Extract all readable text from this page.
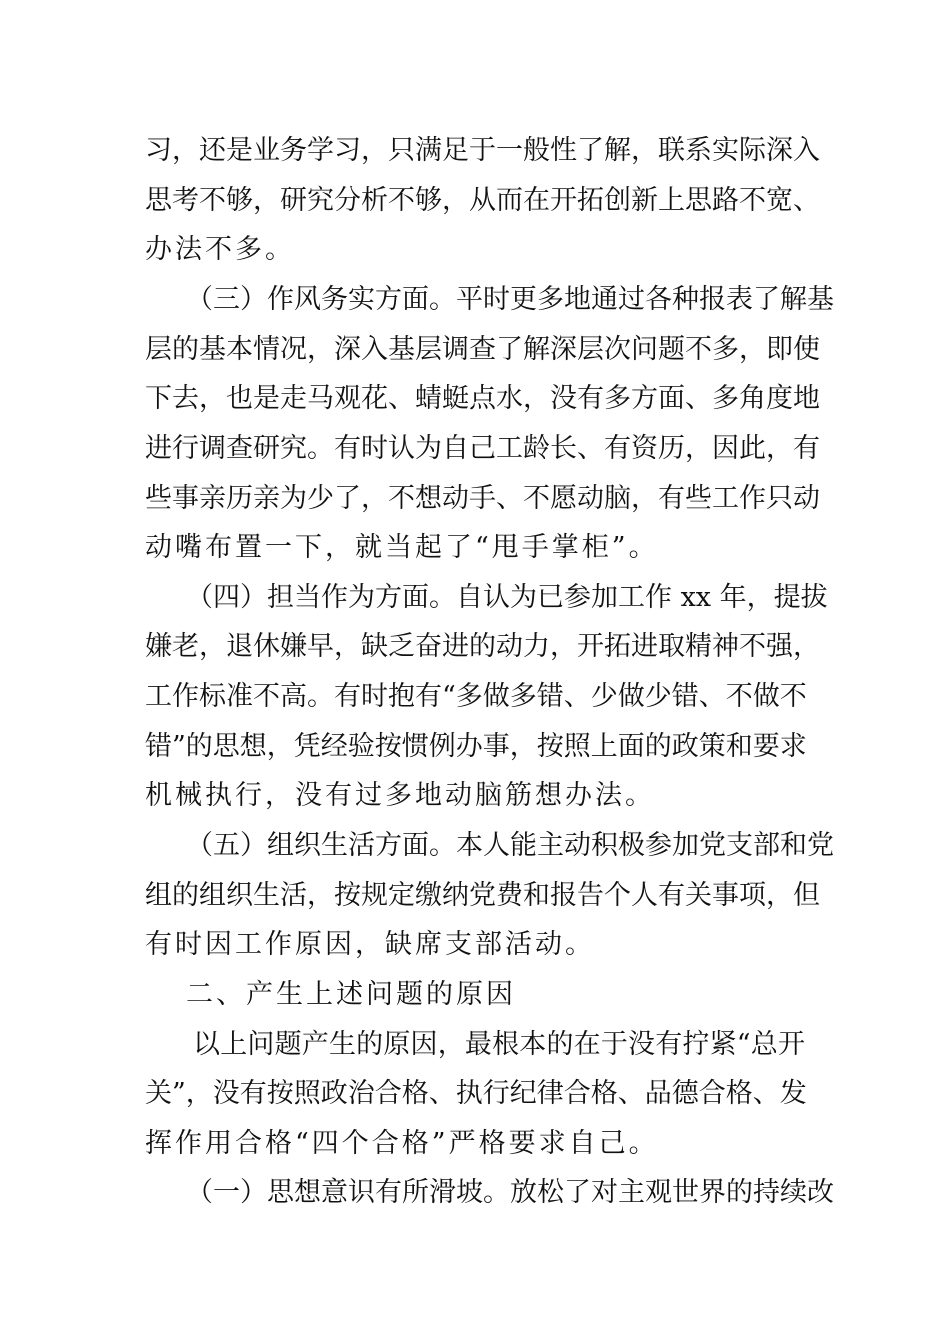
习，还是业务学习，只满足于一般性了解，联系实际深入
思考不够，研究分析不够，从而在开拓创新上思路不宽、
办法不多。
（三）作风务实方面。平时更多地通过各种报表了解基
层的基本情况，深入基层调查了解深层次问题不多，即使
下去，也是走马观花、蜻蜓点水，没有多方面、多角度地
进行调查研究。有时认为自己工龄长、有资历，因此，有
些事亲历亲为少了，不想动手、不愿动脑，有些工作只动
动嘴布置一下，就当起了“甩手掌柜”。
（四）担当作为方面。自认为已参加工作 xx 年，提拔
嫌老，退休嫌早，缺乏奋进的动力，开拓进取精神不强，
工作标准不高。有时抱有“多做多错、少做少错、不做不
错”的思想，凭经验按惯例办事，按照上面的政策和要求
机械执行，没有过多地动脑筋想办法。
（五）组织生活方面。本人能主动积极参加党支部和党
组的组织生活，按规定缴纳党费和报告个人有关事项，但
有时因工作原因，缺席支部活动。
二、产生上述问题的原因
以上问题产生的原因，最根本的在于没有拧紧“总开
关”，没有按照政治合格、执行纪律合格、品德合格、发
挥作用合格“四个合格”严格要求自己。
（一）思想意识有所滑坡。放松了对主观世界的持续改
